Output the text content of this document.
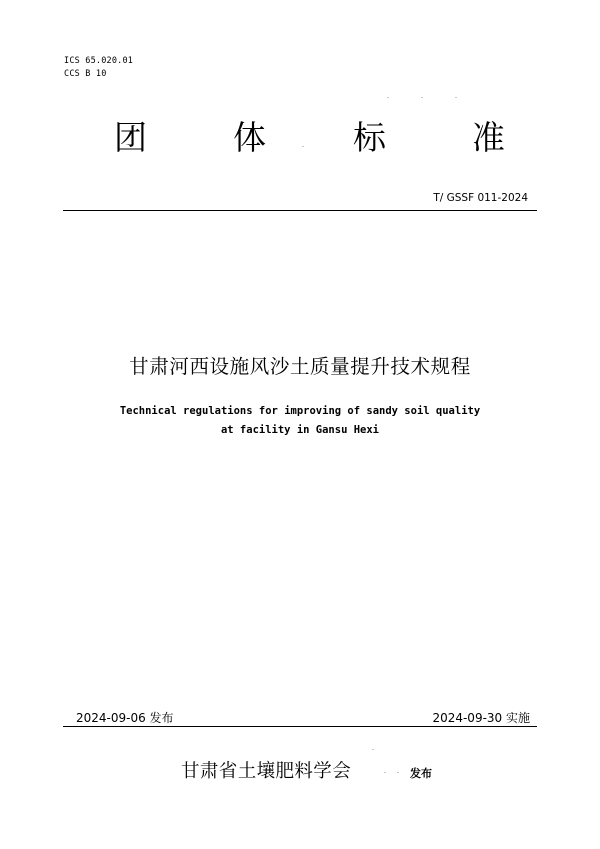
ICS 65.020.01
CCS B 10
团	体	标	准
T/ GSSF 011-2024
甘肃河西设施风沙土质量提升技术规程
Technical regulations for improving of sandy soil quality
at facility in Gansu Hexi
2024-09-06 发布	2024-09-30 实施
甘肃省土壤肥料学会	发布
